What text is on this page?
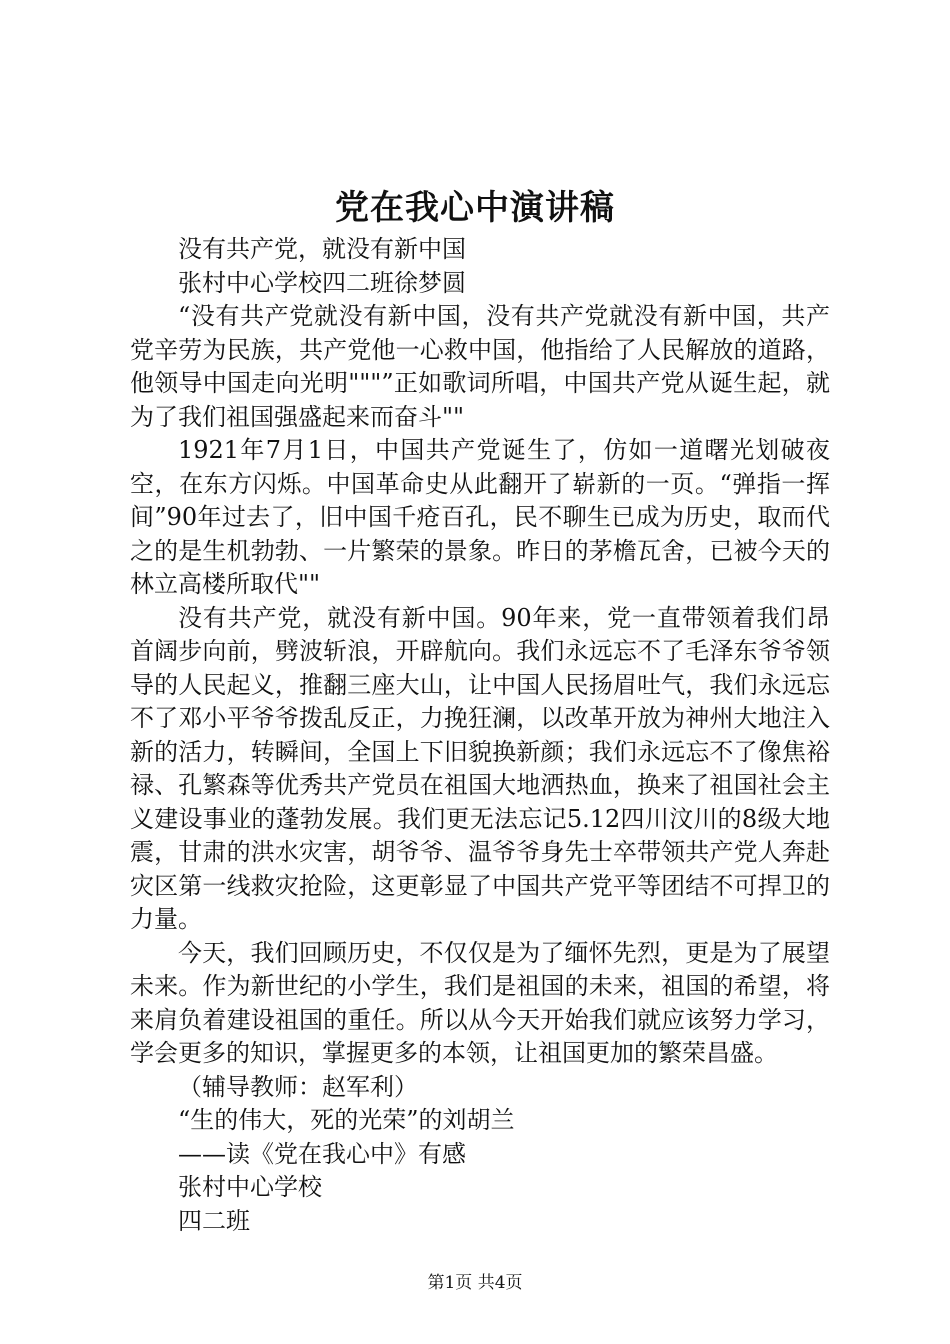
党在我心中演讲稿

没有共产党，就没有新中国

张村中心学校四二班徐梦圆

“没有共产党就没有新中国，没有共产党就没有新中国，共产党辛劳为民族，共产党他一心救中国，他指给了人民解放的道路，他领导中国走向光明"""”正如歌词所唱，中国共产党从诞生起，就为了我们祖国强盛起来而奋斗""

1921年7月1日，中国共产党诞生了，仿如一道曙光划破夜空，在东方闪烁。中国革命史从此翻开了崭新的一页。“弹指一挥间”90年过去了，旧中国千疮百孔，民不聊生已成为历史，取而代之的是生机勃勃、一片繁荣的景象。昨日的茅檐瓦舍，已被今天的林立高楼所取代""

没有共产党，就没有新中国。90年来，党一直带领着我们昂首阔步向前，劈波斩浪，开辟航向。我们永远忘不了毛泽东爷爷领导的人民起义，推翻三座大山，让中国人民扬眉吐气，我们永远忘不了邓小平爷爷拨乱反正，力挽狂澜，以改革开放为神州大地注入新的活力，转瞬间，全国上下旧貌换新颜；我们永远忘不了像焦裕禄、孔繁森等优秀共产党员在祖国大地洒热血，换来了祖国社会主义建设事业的蓬勃发展。我们更无法忘记5.12四川汶川的8级大地震，甘肃的洪水灾害，胡爷爷、温爷爷身先士卒带领共产党人奔赴灾区第一线救灾抢险，这更彰显了中国共产党平等团结不可捍卫的力量。

今天，我们回顾历史，不仅仅是为了缅怀先烈，更是为了展望未来。作为新世纪的小学生，我们是祖国的未来，祖国的希望，将来肩负着建设祖国的重任。所以从今天开始我们就应该努力学习，学会更多的知识，掌握更多的本领，让祖国更加的繁荣昌盛。

（辅导教师：赵军利）

“生的伟大，死的光荣”的刘胡兰

——读《党在我心中》有感

张村中心学校

四二班

第1页 共4页
